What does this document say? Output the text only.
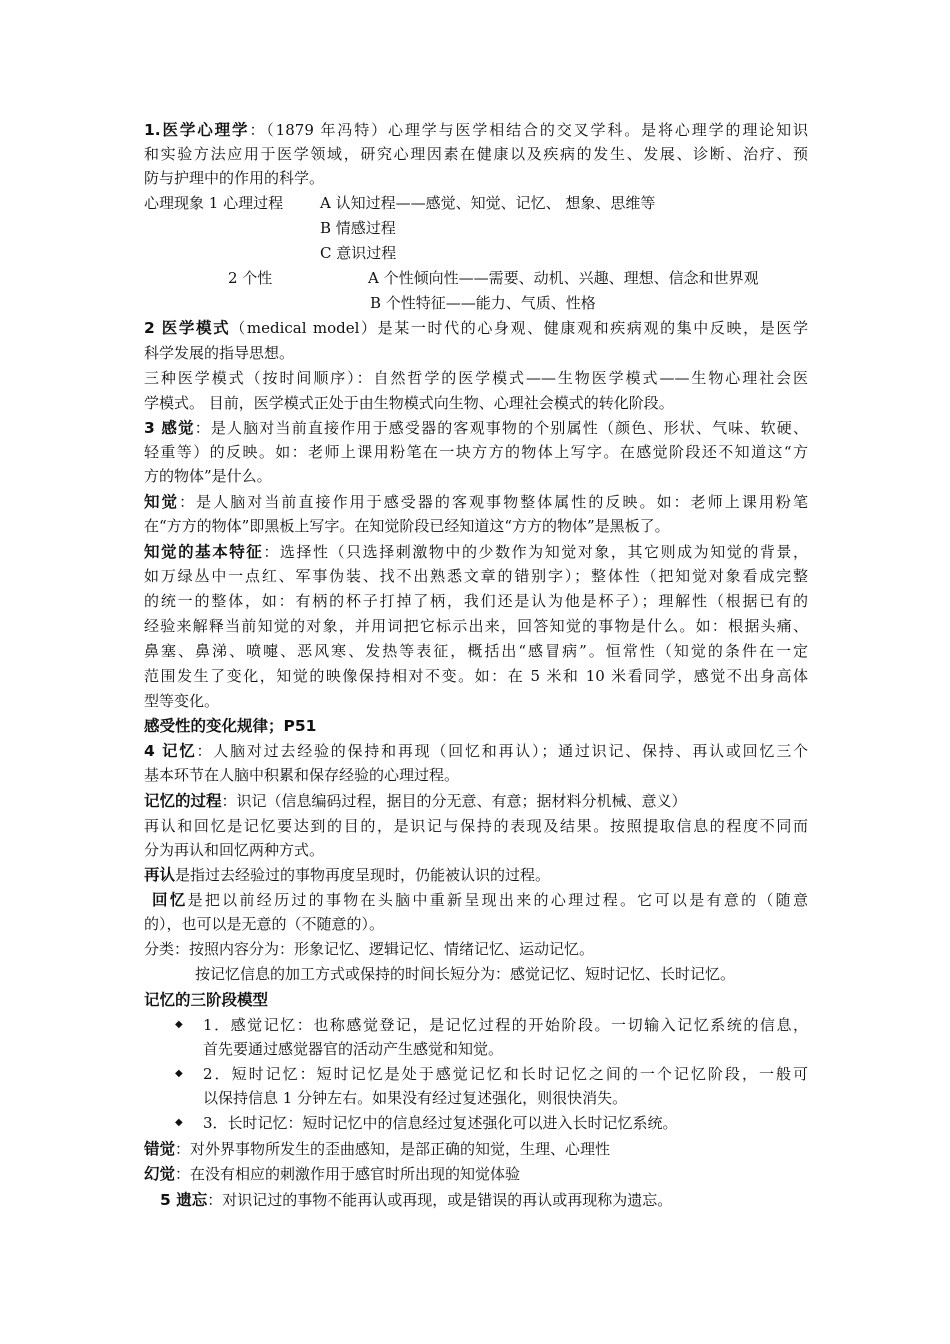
1.医学心理学：（1879 年冯特）心理学与医学相结合的交叉学科。是将心理学的理论知识
和实验方法应用于医学领域，研究心理因素在健康以及疾病的发生、发展、诊断、治疗、预
防与护理中的作用的科学。
心理现象 1 心理过程 A 认知过程——感觉、知觉、记忆、 想象、思维等
B 情感过程
C 意识过程
2 个性	A 个性倾向性——需要、动机、兴趣、理想、信念和世界观
B 个性特征——能力、气质、性格
2 医学模式（medical model）是某一时代的心身观、健康观和疾病观的集中反映，是医学
科学发展的指导思想。
三种医学模式（按时间顺序）：自然哲学的医学模式——生物医学模式——生物心理社会医
学模式。 目前，医学模式正处于由生物模式向生物、心理社会模式的转化阶段。
3 感觉：是人脑对当前直接作用于感受器的客观事物的个别属性（颜色、形状、气味、软硬、
轻重等）的反映。如：老师上课用粉笔在一块方方的物体上写字。在感觉阶段还不知道这“方
方的物体”是什么。
知觉：是人脑对当前直接作用于感受器的客观事物整体属性的反映。如：老师上课用粉笔
在“方方的物体”即黑板上写字。在知觉阶段已经知道这“方方的物体”是黑板了。
知觉的基本特征：选择性（只选择刺激物中的少数作为知觉对象，其它则成为知觉的背景，
如万绿丛中一点红、军事伪装、找不出熟悉文章的错别字）；整体性（把知觉对象看成完整
的统一的整体，如：有柄的杯子打掉了柄，我们还是认为他是杯子）；理解性（根据已有的
经验来解释当前知觉的对象，并用词把它标示出来，回答知觉的事物是什么。如：根据头痛、
鼻塞、鼻涕、喷嚏、恶风寒、发热等表征，概括出“感冒病”。恒常性（知觉的条件在一定
范围发生了变化，知觉的映像保持相对不变。如：在 5 米和 10 米看同学，感觉不出身高体
型等变化。
感受性的变化规律；P51
4 记忆：人脑对过去经验的保持和再现（回忆和再认）；通过识记、保持、再认或回忆三个
基本环节在人脑中积累和保存经验的心理过程。
记忆的过程：识记（信息编码过程，据目的分无意、有意；据材料分机械、意义）
再认和回忆是记忆要达到的目的，是识记与保持的表现及结果。按照提取信息的程度不同而
分为再认和回忆两种方式。
再认是指过去经验过的事物再度呈现时，仍能被认识的过程。
回忆是把以前经历过的事物在头脑中重新呈现出来的心理过程。它可以是有意的（随意
的），也可以是无意的（不随意的）。
分类：按照内容分为：形象记忆、逻辑记忆、情绪记忆、运动记忆。
按记忆信息的加工方式或保持的时间长短分为：感觉记忆、短时记忆、长时记忆。
记忆的三阶段模型
◆ 1．感觉记忆：也称感觉登记，是记忆过程的开始阶段。一切输入记忆系统的信息，
首先要通过感觉器官的活动产生感觉和知觉。
◆ 2．短时记忆：短时记忆是处于感觉记忆和长时记忆之间的一个记忆阶段，一般可
以保持信息 1 分钟左右。如果没有经过复述强化，则很快消失。
◆ 3．长时记忆：短时记忆中的信息经过复述强化可以进入长时记忆系统。
错觉：对外界事物所发生的歪曲感知，是部正确的知觉，生理、心理性
幻觉：在没有相应的刺激作用于感官时所出现的知觉体验
5 遗忘：对识记过的事物不能再认或再现，或是错误的再认或再现称为遗忘。
